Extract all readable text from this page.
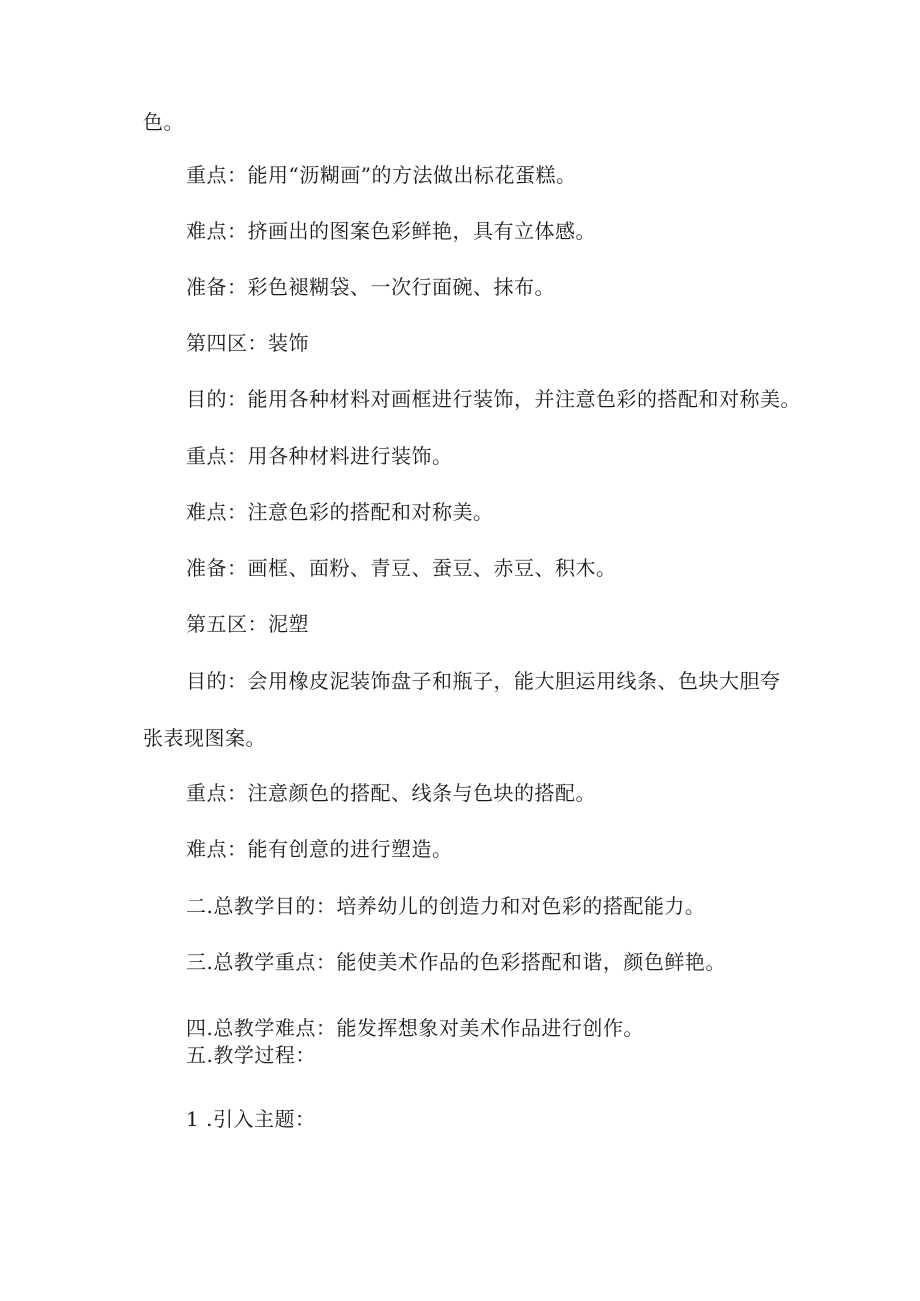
色。
重点：能用“沥糊画”的方法做出标花蛋糕。
难点：挤画出的图案色彩鲜艳，具有立体感。
准备：彩色褪糊袋、一次行面碗、抹布。
第四区：装饰
目的：能用各种材料对画框进行装饰，并注意色彩的搭配和对称美。
重点：用各种材料进行装饰。
难点：注意色彩的搭配和对称美。
准备：画框、面粉、青豆、蚕豆、赤豆、积木。
第五区：泥塑
目的：会用橡皮泥装饰盘子和瓶子，能大胆运用线条、色块大胆夸
张表现图案。
重点：注意颜色的搭配、线条与色块的搭配。
难点：能有创意的进行塑造。
二.总教学目的：培养幼儿的创造力和对色彩的搭配能力。
三.总教学重点：能使美术作品的色彩搭配和谐，颜色鲜艳。
四.总教学难点：能发挥想象对美术作品进行创作。
五.教学过程：
1 .引入主题：
